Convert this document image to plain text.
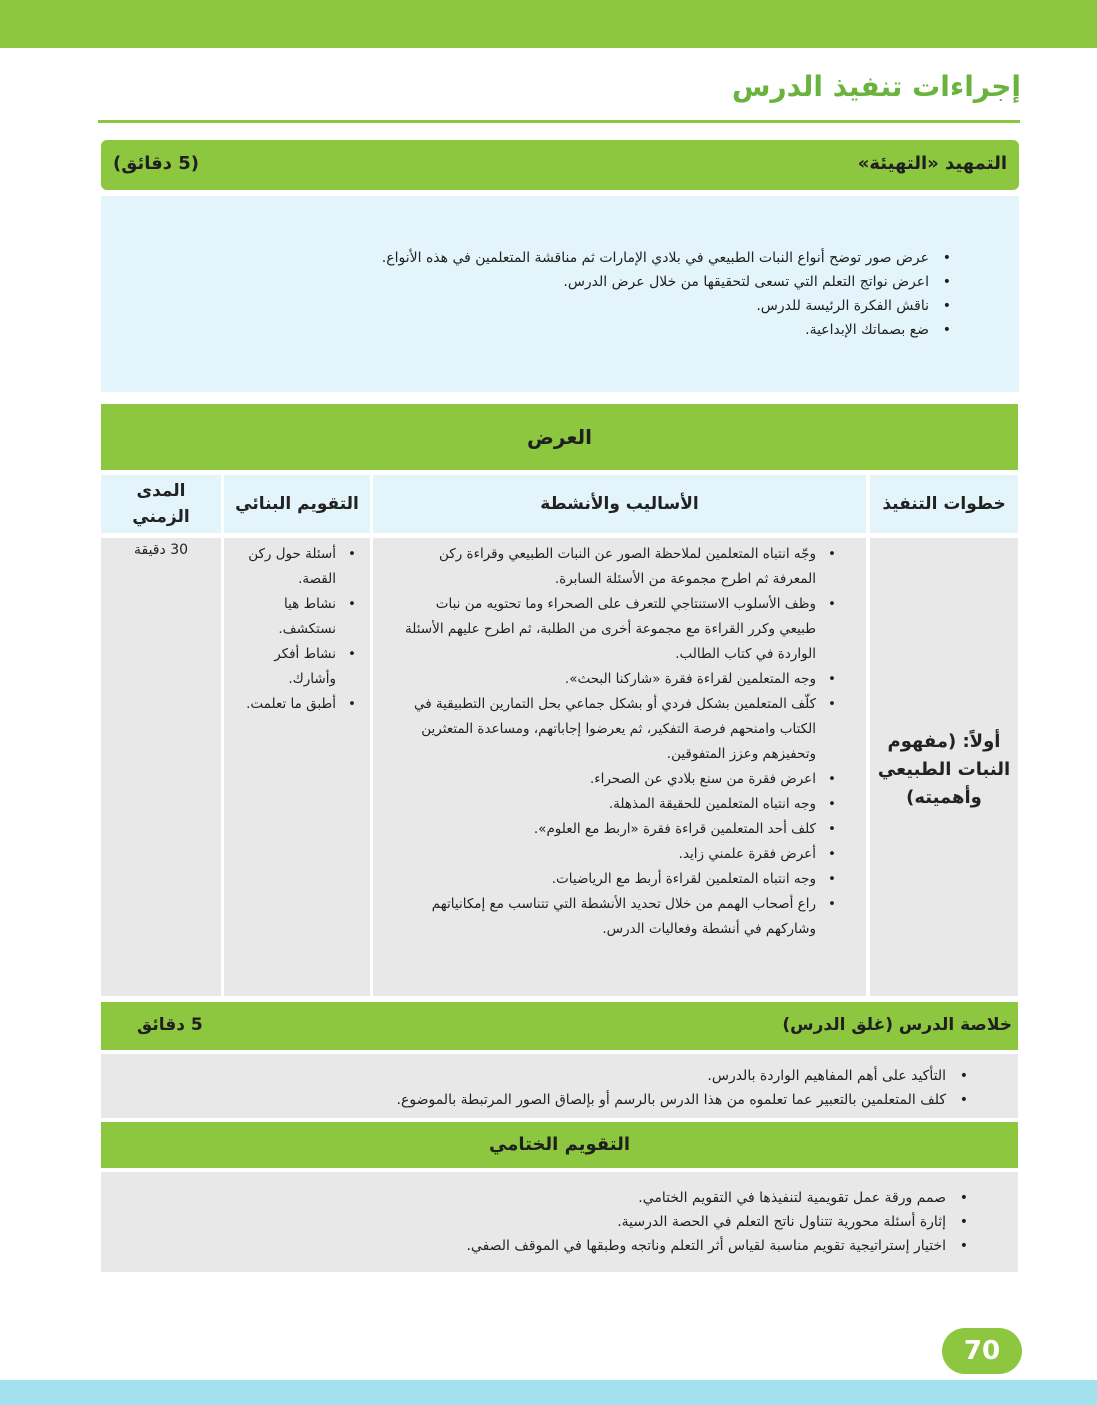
إجراءات تنفيذ الدرس
التمهيد «التهيئة»
(5 دقائق)
• عرض صور توضح أنواع النبات الطبيعي في بلادي الإمارات ثم مناقشة المتعلمين في هذه الأنواع.
• اعرض نواتج التعلم التي تسعى لتحقيقها من خلال عرض الدرس.
• ناقش الفكرة الرئيسة للدرس.
• ضع بصماتك الإبداعية.
العرض
خطوات التنفيذ
الأساليب والأنشطة
التقويم البنائي
المدى الزمني
أولاً: (مفهوم النبات الطبيعي وأهميته)
• وجّه انتباه المتعلمين لملاحظة الصور عن النبات الطبيعي وقراءة ركن المعرفة ثم اطرح مجموعة من الأسئلة السابرة.
• وظف الأسلوب الاستنتاجي للتعرف على الصحراء وما تحتويه من نبات طبيعي وكرر القراءة مع مجموعة أخرى من الطلبة، ثم اطرح عليهم الأسئلة الواردة في كتاب الطالب.
• وجه المتعلمين لقراءة فقرة «شاركنا البحث».
• كلّف المتعلمين بشكل فردي أو بشكل جماعي بحل التمارين التطبيقية في الكتاب وامنحهم فرصة التفكير، ثم يعرضوا إجاباتهم، ومساعدة المتعثرين وتحفيزهم وعزز المتفوقين.
• اعرض فقرة من سنع بلادي عن الصحراء.
• وجه انتباه المتعلمين للحقيقة المذهلة.
• كلف أحد المتعلمين قراءة فقرة «اربط مع العلوم».
• أعرض فقرة علمني زايد.
• وجه انتباه المتعلمين لقراءة أربط مع الرياضيات.
• راع أصحاب الهمم من خلال تحديد الأنشطة التي تتناسب مع إمكانياتهم وشاركهم في أنشطة وفعاليات الدرس.
• أسئلة حول ركن القصة.
• نشاط هيا نستكشف.
• نشاط أفكر وأشارك.
• أطبق ما تعلمت.
30 دقيقة
خلاصة الدرس (غلق الدرس)
5 دقائق
• التأكيد على أهم المفاهيم الواردة بالدرس.
• كلف المتعلمين بالتعبير عما تعلموه من هذا الدرس بالرسم أو بإلصاق الصور المرتبطة بالموضوع.
التقويم الختامي
• صمم ورقة عمل تقويمية لتنفيذها في التقويم الختامي.
• إثارة أسئلة محورية تتناول ناتج التعلم في الحصة الدرسية.
• اختيار إستراتيجية تقويم مناسبة لقياس أثر التعلم وناتجه وطبقها في الموقف الصفي.
70
